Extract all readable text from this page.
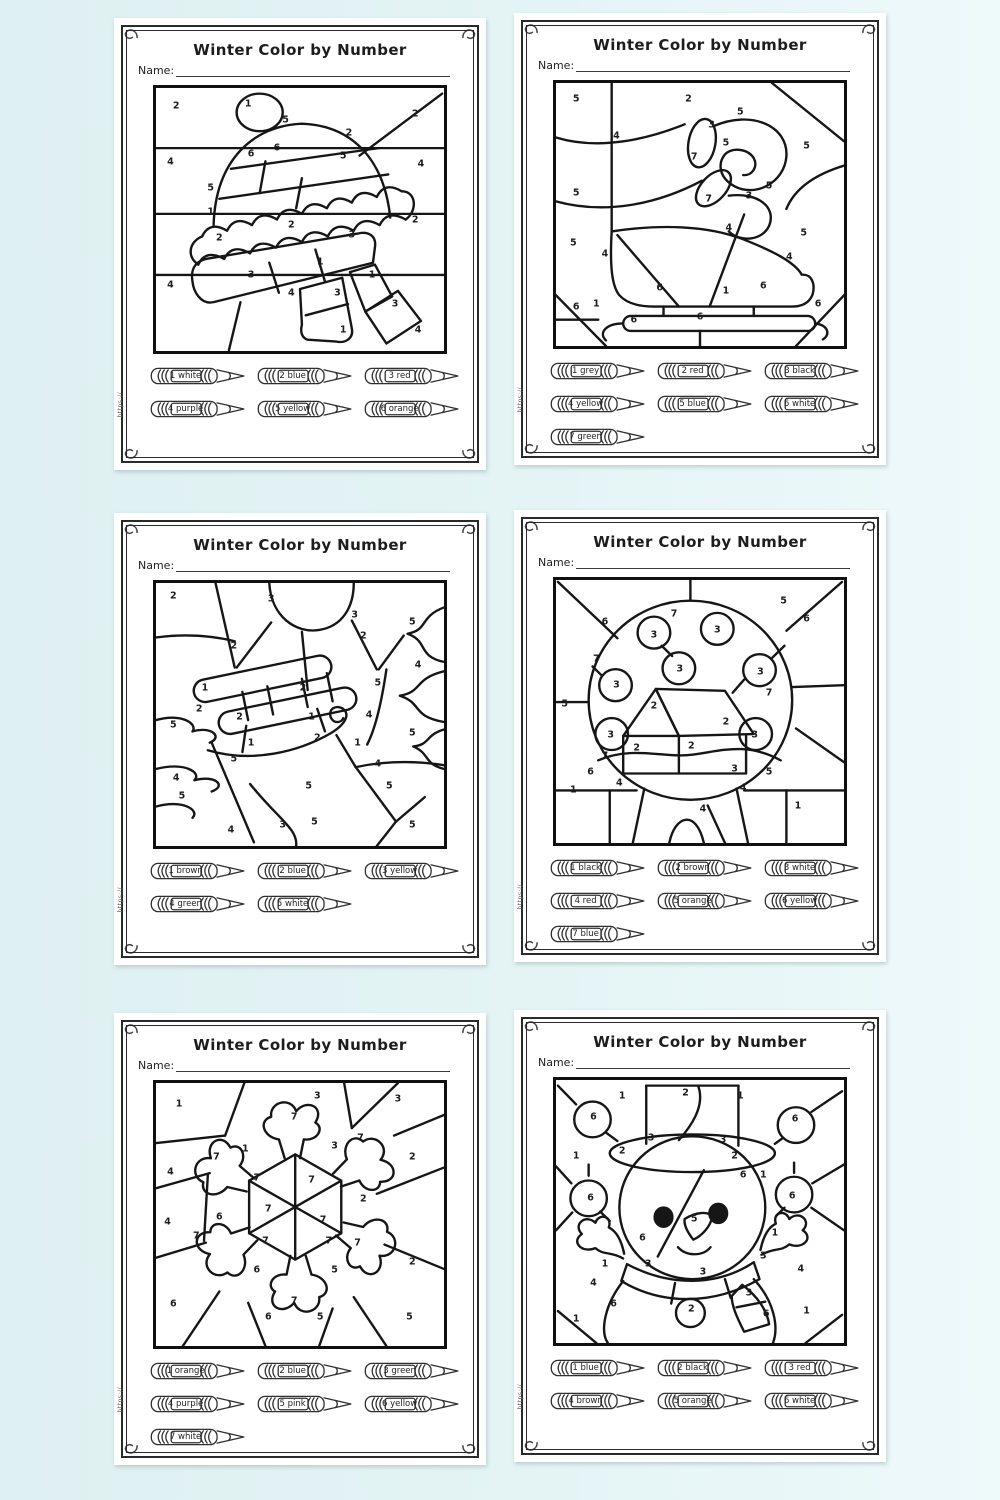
Winter Color by Number
Name:
2	1
5
2
2
4
6 6
5
4
5
1
2
2
3
2
3
1
4
4	3
1
3
1	4
1 white	2 blue	3 red
4 purple	5 yellow	6 orange
https://
Winter Color by Number
Name:
5	2
5
4
3
5	5
7
5
3
7
5
4	5
5
4	4
6	1	6
6 1
6	6
6
1 grey	2 red	3 black
4 yellow	5 blue	6 white
7 green
https://
Winter Color by Number
Name:
2	3
3
2
5
2
4
5
1	2
2
5
2	1	4
5
1	2	1
5	4
4
5
5	5
3	5
4	5
1 brown	2 blue	3 yellow
4 green	5 white
https://
Winter Color by Number
Name:
5
6
7	6
3	3
3	3
3
3	3
7
5	2
2
7
2	2
7
6	3	5
1
4	4
4	1
1 black	2 brown	3 white
4 red	5 orange	6 yellow
7 blue
https://
Winter Color by Number
Name:
1
3	3
7
1	3
7
7
4
2
7	7
7
7
2
4	6
7	7	7 7
2
6	5
6	7
6	5	5
1 orange	2 blue	3 green
4 purple	5 pink	6 yellow
7 white
https://
Winter Color by Number
Name:
1	2	1
6	6
3	3
2	2
1
6 1
6	6
5
6	1
1	3
3
3
4
4
3
6	2	6
1
1
1 blue	2 black	3 red
4 brown	5 orange	6 white
https://
